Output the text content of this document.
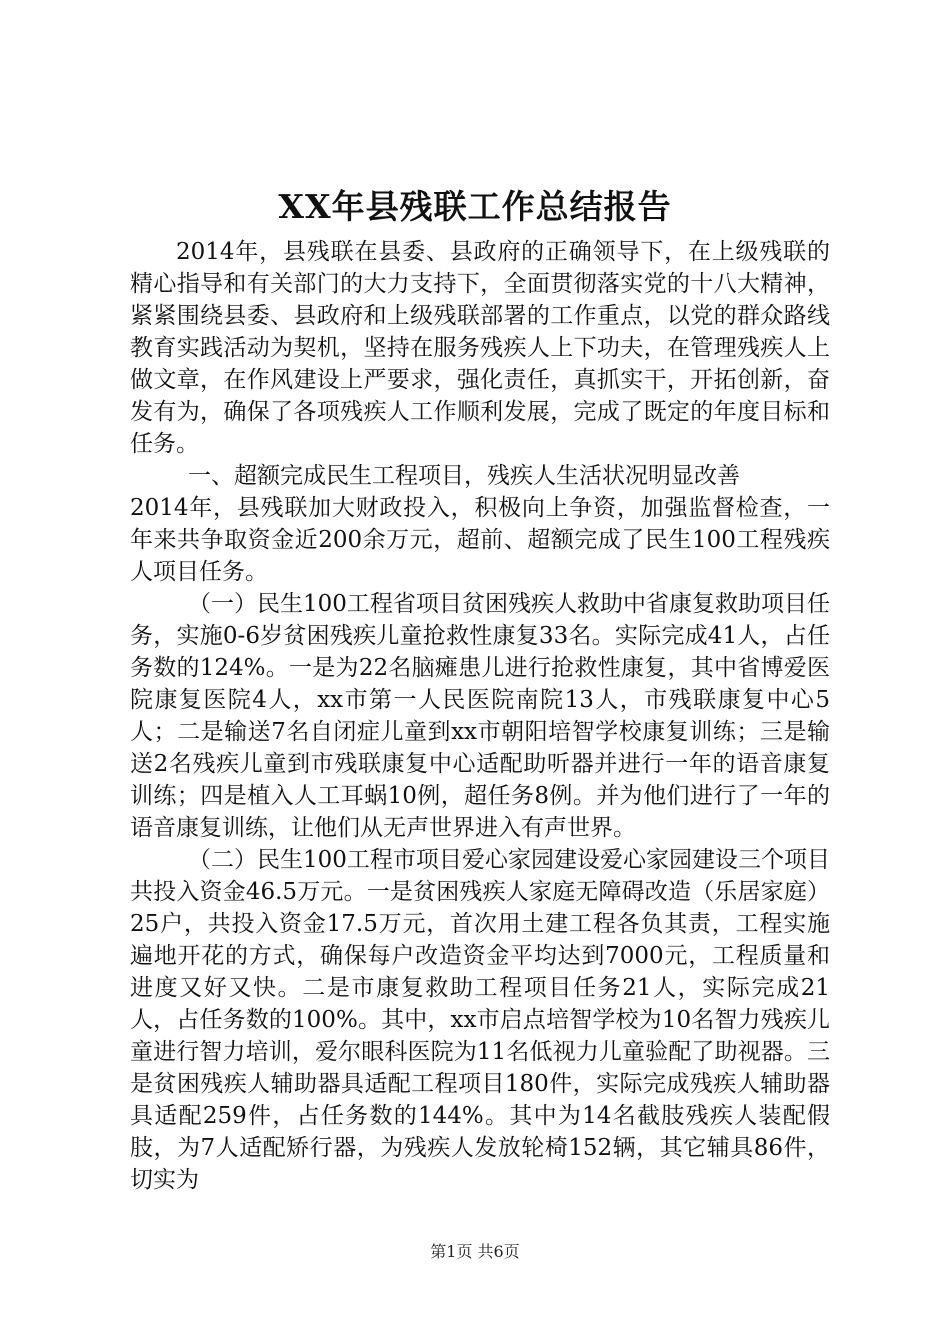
XX年县残联工作总结报告

2014年，县残联在县委、县政府的正确领导下，在上级残联的精心指导和有关部门的大力支持下，全面贯彻落实党的十八大精神，紧紧围绕县委、县政府和上级残联部署的工作重点，以党的群众路线教育实践活动为契机，坚持在服务残疾人上下功夫，在管理残疾人上做文章，在作风建设上严要求，强化责任，真抓实干，开拓创新，奋发有为，确保了各项残疾人工作顺利发展，完成了既定的年度目标和任务。

一、超额完成民生工程项目，残疾人生活状况明显改善

2014年，县残联加大财政投入，积极向上争资，加强监督检查，一年来共争取资金近200余万元，超前、超额完成了民生100工程残疾人项目任务。

（一）民生100工程省项目贫困残疾人救助中省康复救助项目任务，实施0-6岁贫困残疾儿童抢救性康复33名。实际完成41人，占任务数的124%。一是为22名脑瘫患儿进行抢救性康复，其中省博爱医院康复医院4人，xx市第一人民医院南院13人，市残联康复中心5人；二是输送7名自闭症儿童到xx市朝阳培智学校康复训练；三是输送2名残疾儿童到市残联康复中心适配助听器并进行一年的语音康复训练；四是植入人工耳蜗10例，超任务8例。并为他们进行了一年的语音康复训练，让他们从无声世界进入有声世界。

（二）民生100工程市项目爱心家园建设爱心家园建设三个项目共投入资金46.5万元。一是贫困残疾人家庭无障碍改造（乐居家庭）25户，共投入资金17.5万元，首次用土建工程各负其责，工程实施遍地开花的方式，确保每户改造资金平均达到7000元，工程质量和进度又好又快。二是市康复救助工程项目任务21人，实际完成21人，占任务数的100%。其中，xx市启点培智学校为10名智力残疾儿童进行智力培训，爱尔眼科医院为11名低视力儿童验配了助视器。三是贫困残疾人辅助器具适配工程项目180件，实际完成残疾人辅助器具适配259件，占任务数的144%。其中为14名截肢残疾人装配假肢，为7人适配矫行器，为残疾人发放轮椅152辆，其它辅具86件，切实为

第1页 共6页
